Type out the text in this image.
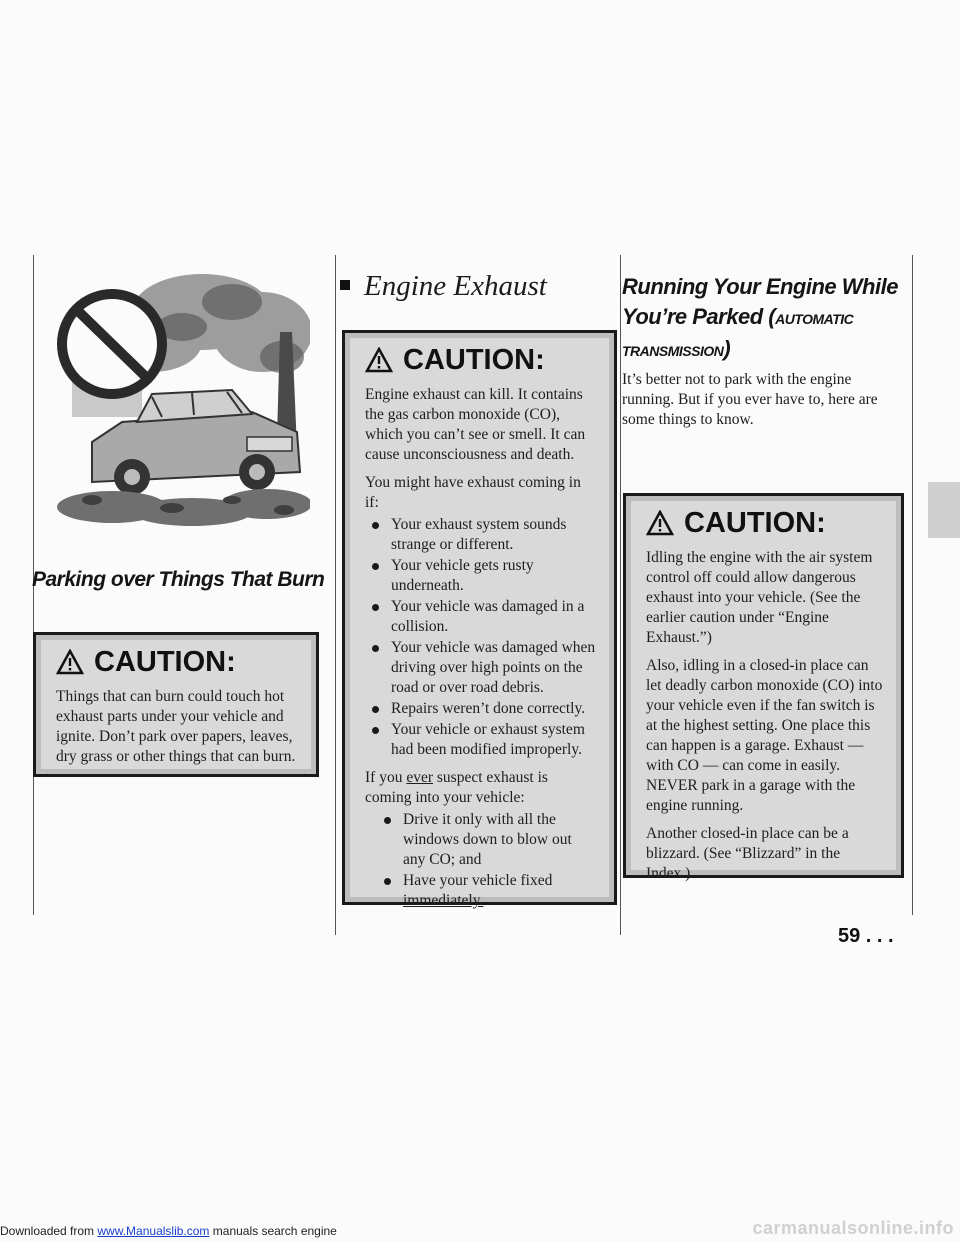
Parking over Things That Burn
CAUTION:

Things that can burn could touch hot exhaust parts under your vehicle and ignite. Don’t park over papers, leaves, dry grass or other things that can burn.

Engine Exhaust
CAUTION:

Engine exhaust can kill. It contains the gas carbon monoxide (CO), which you can’t see or smell. It can cause unconsciousness and death.

You might have exhaust coming in if:

Your exhaust system sounds strange or different.
Your vehicle gets rusty underneath.
Your vehicle was damaged in a collision.
Your vehicle was damaged when driving over high points on the road or over road debris.
Repairs weren’t done correctly.
Your vehicle or exhaust system had been modified improperly.

If you ever suspect exhaust is coming into your vehicle:

Drive it only with all the windows down to blow out any CO; and
Have your vehicle fixed immediately.
Running Your Engine While
You’re Parked (AUTOMATIC
TRANSMISSION)
It’s better not to park with the engine running. But if you ever have to, here are some things to know.
CAUTION:

Idling the engine with the air system control off could allow dangerous exhaust into your vehicle. (See the earlier caution under “Engine Exhaust.”)

Also, idling in a closed-in place can let deadly carbon monoxide (CO) into your vehicle even if the fan switch is at the highest setting. One place this can happen is a garage. Exhaust — with CO — can come in easily. NEVER park in a garage with the engine running.

Another closed-in place can be a blizzard. (See “Blizzard” in the Index.)

59 . . .
Downloaded from www.Manualslib.com manuals search engine	carmanualsonline.info
